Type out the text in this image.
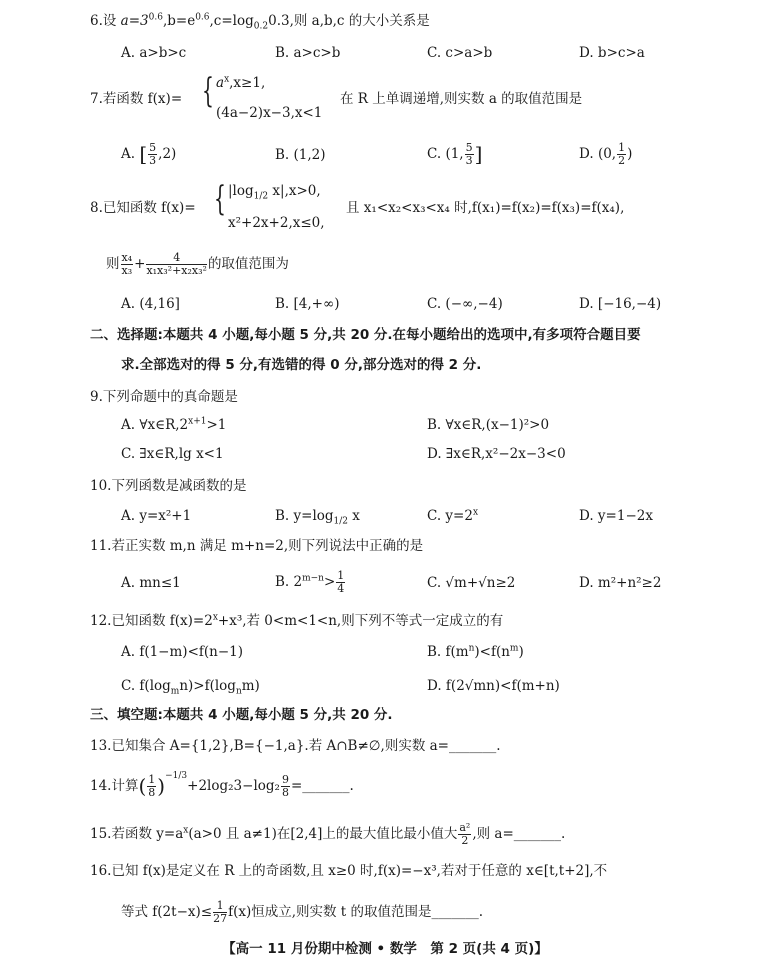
6.设 $a=3^{0.6},b=e^{0.6},c=\log_{0.2}0.3$,则 a,b,c 的大小关系是
A. a>b>c	B. a>c>b	C. c>a>b	D. b>c>a
7.若函数 f(x)= { $a^x,x\ge 1$,
(4a−2)x−3,x<1
在 R 上单调递增,则实数 a 的取值范围是
A. [ $\frac{5}{3} ,2$)	B. (1,2)	C. (1, $\frac{5}{3}$ ]	D. (0, $\frac{1}{2}$ )
8.已知函数 f(x)= { $|\log_{1/2}$ x|,x>0,
x²+2x+2,x≤0,
且 x₁<x₂<x₃<x₄ 时,f(x₁)=f(x₂)=f(x₃)=f(x₄),
则 $\frac{\text{x₄}}{\text{x₃}} + \frac{4}{\text{x₁x₃²+x₂x₃²}}$ 的取值范围为
A. (4,16]	B. [4,+∞)	C. (−∞,−4)	D. [−16,−4)
二、选择题:本题共 4 小题,每小题 5 分,共 20 分.在每小题给出的选项中,有多项符合题目要
求.全部选对的得 5 分,有选错的得 0 分,部分选对的得 2 分.
9.下列命题中的真命题是
A. $\forall x\in R,2^{x+1}>1$	B. ∀x∈R,(x−1)²>0
C. ∃x∈R,lg x<1	D. ∃x∈R,x²−2x−3<0
10.下列函数是减函数的是
A. y=x²+1	B. $y=\log_{1/2}$ x	C. $y=2^x$	D. y=1−2x
11.若正实数 m,n 满足 m+n=2,则下列说法中正确的是
A. mn≤1	B. $2^{m-n}> \frac{1}{4}$	C. √m+√n≥2	D. m²+n²≥2
12.已知函数 $f(x)=2^x+x^3$,若 0<m<1<n,则下列不等式一定成立的有
A. f(1−m)<f(n−1)	B. $f(m^n)<f(n^m)$
C. $f(\log_mn)>f(\log_nm)$	D. f(2√mn)<f(m+n)
三、填空题:本题共 4 小题,每小题 5 分,共 20 分.
13.已知集合 A={1,2},B={−1,a}.若 A∩B≠∅,则实数 a=_______.
14.计算( $\frac{1}{8} )^{-1/3}+2\log_23-\log_2 \frac{9}{8}$ =_______.
15.若函数 $y=a^x(a>0$ 且 a≠1)在[2,4]上的最大值比最小值大 $\frac{\text{a²}}{2}$ ,则 a=_______.
16.已知 f(x)是定义在 R 上的奇函数,且 x≥0 时,f(x)=−x³,若对于任意的 x∈[t,t+2],不
等式 $f(2t-x)\le \frac{1}{27} f(x)$恒成立,则实数 t 的取值范围是_______.
【高一 11 月份期中检测 • 数学　第 2 页(共 4 页)】
